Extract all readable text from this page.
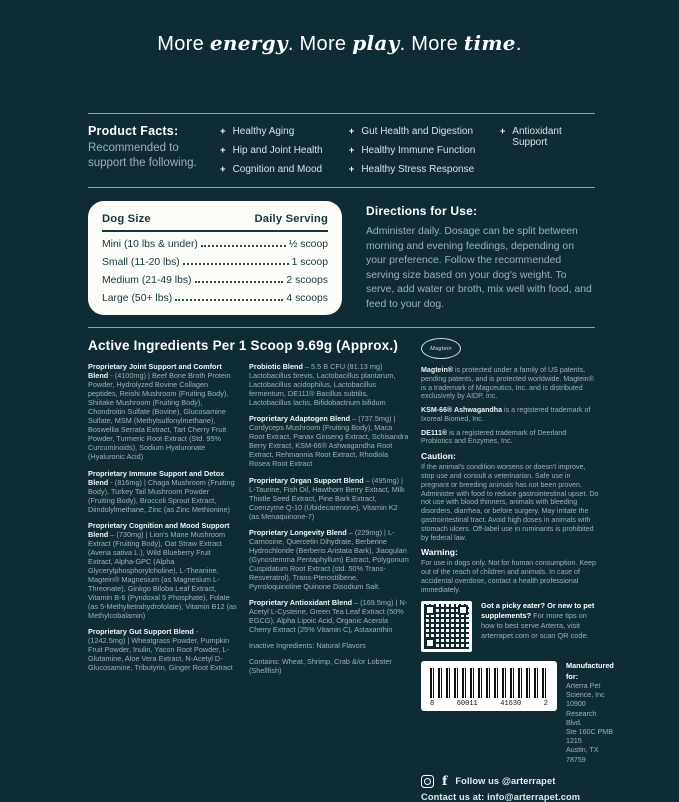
More energy. More play. More time.
Product Facts:
Recommended to support the following.
+ Healthy Aging
+ Hip and Joint Health
+ Cognition and Mood
+ Gut Health and Digestion
+ Healthy Immune Function
+ Healthy Stress Response
+ Antioxidant Support
Dog Size	Daily Serving
Mini (10 lbs & under)	½ scoop
Small (11-20 lbs)	1 scoop
Medium (21-49 lbs)	2 scoops
Large (50+ lbs)	4 scoops
Directions for Use:
Administer daily. Dosage can be split between morning and evening feedings, depending on your preference. Follow the recommended serving size based on your dog's weight. To serve, add water or broth, mix well with food, and feed to your dog.
Active Ingredients Per 1 Scoop 9.69g (Approx.)

Proprietary Joint Support and Comfort Blend - (4100mg) | Beef Bone Broth Protein Powder, Hydrolyzed Bovine Collagen peptides, Reishi Mushroom (Fruiting Body), Shiitake Mushroom (Fruiting Body), Chondroitin Sulfate (Bovine), Glucosamine Sulfate, MSM (Methylsulfonylmethane), Boswellia Serrata Extract, Tart Cherry Fruit Powder, Turmeric Root Extract (Std. 95% Curcuminoids), Sodium Hyaluronate (Hyaluronic Acid)

Proprietary Immune Support and Detox Blend - (816mg) | Chaga Mushroom (Fruiting Body), Turkey Tail Mushroom Powder (Fruiting Body), Broccoli Sprout Extract, Diindolylmethane, Zinc (as Zinc Methionine)

Proprietary Cognition and Mood Support Blend – (730mg) | Lion's Mane Mushroom Extract (Fruiting Body), Oat Straw Extract (Avena sativa L.), Wild Blueberry Fruit Extract, Alpha-GPC (Alpha Glycerylphosphorylcholine), L-Theanine, Magtein® Magnesium (as Magnesium L-Threonate), Ginkgo Biloba Leaf Extract, Vitamin B-6 (Pyridoxal 5 Phosphate), Folate (as 5-Methyltetrahydrofolate), Vitamin B12 (as Methylcobalamin)

Proprietary Gut Support Blend - (1242.5mg) | Wheatgrass Powder, Pumpkin Fruit Powder, Inulin, Yacon Root Powder, L-Glutamine, Aloe Vera Extract, N-Acetyl D-Glucosamine, Tributyrin, Ginger Root Extract

Probiotic Blend – 5.5 B CFU (81.13 mg) Lactobacillus brevis, Lactobacillus plantarum, Lactobacillus acidophilus, Lactobacillus fermentum, DE111® Bacillus subtilis, Lactobacillus lactis, Bifidobactrium bifidum

Proprietary Adaptogen Blend – (737.5mg) | Cordyceps Mushroom (Fruiting Body), Maca Root Extract, Panax Ginseng Extract, Schisandra Berry Extract, KSM-66® Ashwagandha Root Extract, Rehmannia Root Extract, Rhodiola Rosea Root Extract

Proprietary Organ Support Blend – (495mg) | L-Taurine, Fish Oil, Hawthorn Berry Extract, Milk Thistle Seed Extract, Pine Bark Extract, Coenzyme Q-10 (Ubidecarenone), Vitamin K2 (as Menaquinone-7)

Proprietary Longevity Blend – (229mg) | L-Carnosine, Quercetin Dihydrate, Berberine Hydrochloride (Berberis Aristata Bark), Jiaogulan (Gynostemma Pentaphyllum) Extract, Polygonum Cuspidatum Root Extract (std. 50% Trans-Resveratrol), Trans-Pterostilbene, Pyrroloquinoline Quinone Disodium Salt.

Proprietary Antioxidant Blend – (169.5mg) | N-Acetyl L-Cysteine, Green Tea Leaf Extract (50% EGCG), Alpha Lipoic Acid, Organic Acerola Cherry Extract (25% Vitamin C), Astaxanthin

Inactive Ingredients: Natural Flavors

Contains: Wheat, Shrimp, Crab &/or Lobster (Shellfish)

Magtein

Magtein® is protected under a family of US patents, pending patents, and is protected worldwide. Magtein® is a trademark of Magceutics, Inc. and is distributed exclusively by AIDP, Inc.

KSM-66® Ashwagandha is a registered trademark of Ixoreal Biomed, Inc.

DE111® is a registered trademark of Deerland Probiotics and Enzymes, Inc.

Caution:

If the animal's condition worsens or doesn't improve, stop use and consult a veterinarian. Safe use in pregnant or breeding animals has not been proven. Administer with food to reduce gastrointestinal upset. Do not use with blood thinners, animals with bleeding disorders, diarrhea, or before surgery. May irritate the gastrointestinal tract. Avoid high doses in animals with stomach ulcers. Off-label use in ruminants is prohibited by federal law.

Warning:

For use in dogs only. Not for human consumption. Keep out of the reach of children and animals. In case of accidental overdose, contact a health professional immediately.

Got a picky eater? Or new to pet supplements? For more tips on how to best serve Arterra, visit arterrapet.com or scan QR code.
8	60011	41630	2
Manufactured for:
Arterra Pet Science, Inc
10900 Research Blvd.
Ste 160C PMB 1215
Austin, TX 78759
f Follow us @arterrapet
Contact us at: info@arterrapet.com
